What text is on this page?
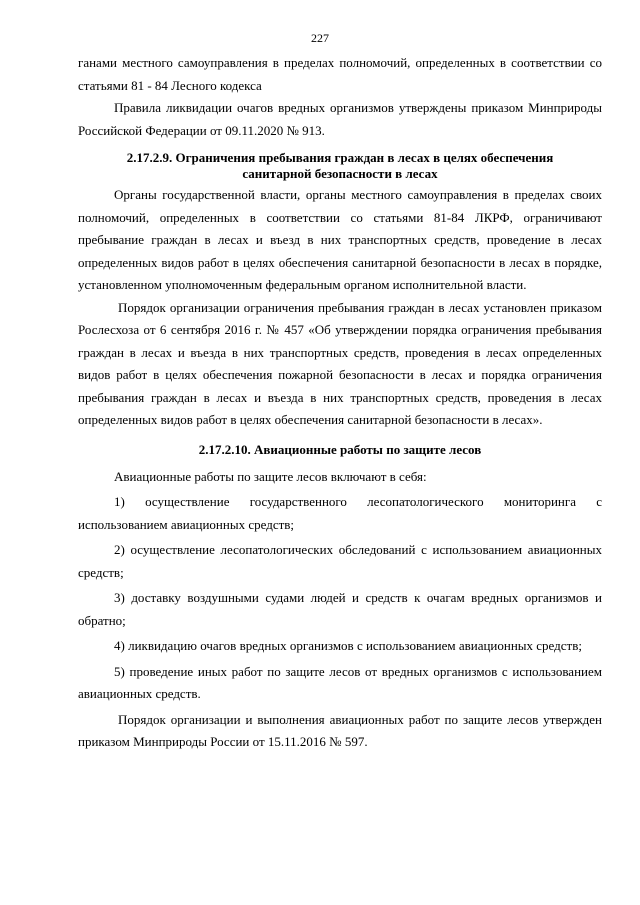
227

ганами местного самоуправления в пределах полномочий, определенных в соответствии со статьями 81 - 84 Лесного кодекса

Правила ликвидации очагов вредных организмов утверждены приказом Минприроды Российской Федерации от 09.11.2020 № 913.

2.17.2.9. Ограничения пребывания граждан в лесах в целях обеспечения

санитарной безопасности в лесах

Органы государственной власти, органы местного самоуправления в пределах своих полномочий, определенных в соответствии со статьями 81-84 ЛКРФ, ограничивают пребывание граждан в лесах и въезд в них транспортных средств, проведение в лесах определенных видов работ в целях обеспечения санитарной безопасности в лесах в порядке, установленном уполномоченным федеральным органом исполнительной власти.

Порядок организации ограничения пребывания граждан в лесах установлен приказом Рослесхоза от 6 сентября 2016 г. № 457 «Об утверждении порядка ограничения пребывания граждан в лесах и въезда в них транспортных средств, проведения в лесах определенных видов работ в целях обеспечения пожарной безопасности в лесах и порядка ограничения пребывания граждан в лесах и въезда в них транспортных средств, проведения в лесах определенных видов работ в целях обеспечения санитарной безопасности в лесах».

2.17.2.10. Авиационные работы по защите лесов

Авиационные работы по защите лесов включают в себя:

1) осуществление государственного лесопатологического мониторинга с использованием авиационных средств;

2) осуществление лесопатологических обследований с использованием авиационных средств;

3) доставку воздушными судами людей и средств к очагам вредных организмов и обратно;

4) ликвидацию очагов вредных организмов с использованием авиационных средств;

5) проведение иных работ по защите лесов от вредных организмов с использованием авиационных средств.

Порядок организации и выполнения авиационных работ по защите лесов утвержден приказом Минприроды России от 15.11.2016 № 597.
